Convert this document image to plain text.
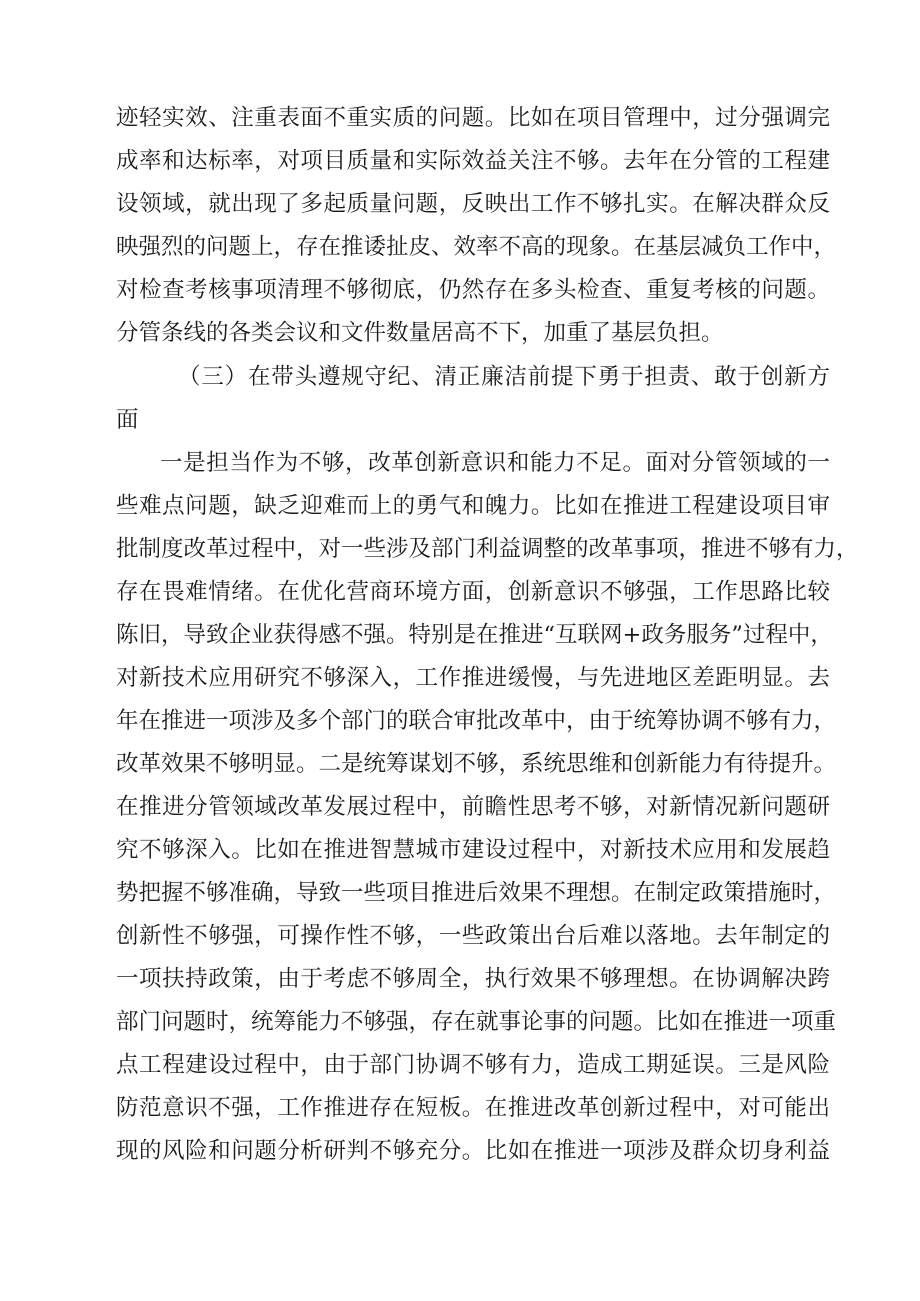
迹轻实效、注重表面不重实质的问题。比如在项目管理中，过分强调完
成率和达标率，对项目质量和实际效益关注不够。去年在分管的工程建
设领域，就出现了多起质量问题，反映出工作不够扎实。在解决群众反
映强烈的问题上，存在推诿扯皮、效率不高的现象。在基层减负工作中，
对检查考核事项清理不够彻底，仍然存在多头检查、重复考核的问题。
分管条线的各类会议和文件数量居高不下，加重了基层负担。
（三）在带头遵规守纪、清正廉洁前提下勇于担责、敢于创新方
面
一是担当作为不够，改革创新意识和能力不足。面对分管领域的一
些难点问题，缺乏迎难而上的勇气和魄力。比如在推进工程建设项目审
批制度改革过程中，对一些涉及部门利益调整的改革事项，推进不够有力，
存在畏难情绪。在优化营商环境方面，创新意识不够强，工作思路比较
陈旧，导致企业获得感不强。特别是在推进“互联网+政务服务”过程中，
对新技术应用研究不够深入，工作推进缓慢，与先进地区差距明显。去
年在推进一项涉及多个部门的联合审批改革中，由于统筹协调不够有力，
改革效果不够明显。二是统筹谋划不够，系统思维和创新能力有待提升。
在推进分管领域改革发展过程中，前瞻性思考不够，对新情况新问题研
究不够深入。比如在推进智慧城市建设过程中，对新技术应用和发展趋
势把握不够准确，导致一些项目推进后效果不理想。在制定政策措施时，
创新性不够强，可操作性不够，一些政策出台后难以落地。去年制定的
一项扶持政策，由于考虑不够周全，执行效果不够理想。在协调解决跨
部门问题时，统筹能力不够强，存在就事论事的问题。比如在推进一项重
点工程建设过程中，由于部门协调不够有力，造成工期延误。三是风险
防范意识不强，工作推进存在短板。在推进改革创新过程中，对可能出
现的风险和问题分析研判不够充分。比如在推进一项涉及群众切身利益
